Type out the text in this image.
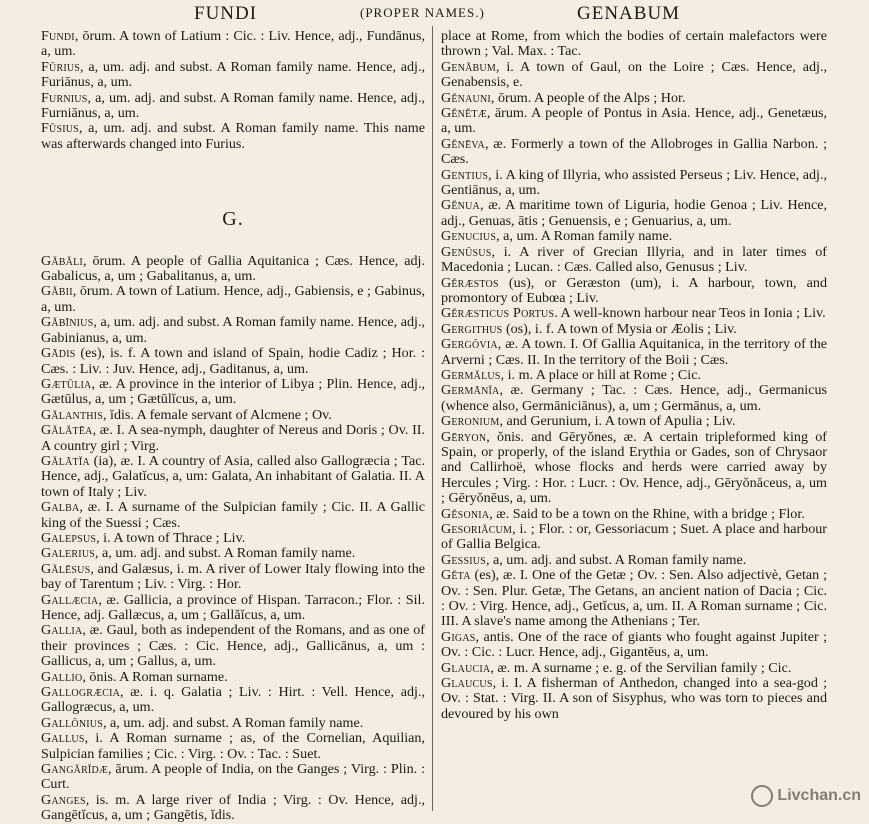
FUNDI	(PROPER NAMES.)	GENABUM

Fundi, ōrum. A town of Latium : Cic. : Liv. Hence, adj., Fundānus, a, um.

Fūrius, a, um. adj. and subst. A Roman family name. Hence, adj., Furiānus, a, um.

Furnius, a, um. adj. and subst. A Roman family name. Hence, adj., Furniānus, a, um.

Fūsius, a, um. adj. and subst. A Roman family name. This name was afterwards changed into Furius.

G.

Găbăli, ōrum. A people of Gallia Aquitanica ; Cæs. Hence, adj. Gabalicus, a, um ; Gabalitanus, a, um.

Găbii, ōrum. A town of Latium. Hence, adj., Gabiensis, e ; Gabinus, a, um.

Găbīnius, a, um. adj. and subst. A Roman family name. Hence, adj., Gabinianus, a, um.

Gādis (es), is. f. A town and island of Spain, hodie Cadiz ; Hor. : Cæs. : Liv. : Juv. Hence, adj., Gaditanus, a, um.

Gætūlia, æ. A province in the interior of Libya ; Plin. Hence, adj., Gætūlus, a, um ; Gætūlĭcus, a, um.

Gălanthis, ĭdis. A female servant of Alcmene ; Ov.

Gălătēa, æ. I. A sea-nymph, daughter of Nereus and Doris ; Ov. II. A country girl ; Virg.

Gălātĭa (ia), æ. I. A country of Asia, called also Gallogræcia ; Tac. Hence, adj., Galatĭcus, a, um: Galata, An inhabitant of Galatia. II. A town of Italy ; Liv.

Galba, æ. I. A surname of the Sulpician family ; Cic. II. A Gallic king of the Suessi ; Cæs.

Galepsus, i. A town of Thrace ; Liv.

Galerius, a, um. adj. and subst. A Roman family name.

Gălēsus, and Galæsus, i. m. A river of Lower Italy flowing into the bay of Tarentum ; Liv. : Virg. : Hor.

Gallæcia, æ. Gallicia, a province of Hispan. Tarracon.; Flor. : Sil. Hence, adj. Gallæcus, a, um ; Gallăĭcus, a, um.

Gallia, æ. Gaul, both as independent of the Romans, and as one of their provinces ; Cæs. : Cic. Hence, adj., Gallicānus, a, um : Gallicus, a, um ; Gallus, a, um.

Gallio, ōnis. A Roman surname.

Gallogræcia, æ. i. q. Galatia ; Liv. : Hirt. : Vell. Hence, adj., Gallogræcus, a, um.

Gallōnius, a, um. adj. and subst. A Roman family name.

Gallus, i. A Roman surname ; as, of the Cornelian, Aquilian, Sulpician families ; Cic. : Virg. : Ov. : Tac. : Suet.

Gangărĭdæ, ārum. A people of India, on the Ganges ; Virg. : Plin. : Curt.

Ganges, is. m. A large river of India ; Virg. : Ov. Hence, adj., Gangētĭcus, a, um ; Gangētis, ĭdis.

place at Rome, from which the bodies of certain malefactors were thrown ; Val. Max. : Tac.

Genăbum, i. A town of Gaul, on the Loire ; Cæs. Hence, adj., Genabensis, e.

Gĕnauni, ōrum. A people of the Alps ; Hor.

Gĕnĕtæ, ārum. A people of Pontus in Asia. Hence, adj., Genetæus, a, um.

Gĕnēva, æ. Formerly a town of the Allobroges in Gallia Narbon. ; Cæs.

Gentius, i. A king of Illyria, who assisted Perseus ; Liv. Hence, adj., Gentiānus, a, um.

Gĕnua, æ. A maritime town of Liguria, hodie Genoa ; Liv. Hence, adj., Genuas, ātis ; Genuensis, e ; Genuarius, a, um.

Genucius, a, um. A Roman family name.

Genūsus, i. A river of Grecian Illyria, and in later times of Macedonia ; Lucan. : Cæs. Called also, Genusus ; Liv.

Gĕræstos (us), or Geræston (um), i. A harbour, town, and promontory of Eubœa ; Liv.

Gĕræsticus Portus. A well-known harbour near Teos in Ionia ; Liv.

Gergithus (os), i. f. A town of Mysia or Æolis ; Liv.

Gergŏvia, æ. A town. I. Of Gallia Aquitanica, in the territory of the Arverni ; Cæs. II. In the territory of the Boii ; Cæs.

Germălus, i. m. A place or hill at Rome ; Cic.

Germānĭa, æ. Germany ; Tac. : Cæs. Hence, adj., Germanicus (whence also, Germāniciānus), a, um ; Germānus, a, um.

Geronium, and Gerunium, i. A town of Apulia ; Liv.

Gēryon, ŏnis. and Gēryŏnes, æ. A certain tripleformed king of Spain, or properly, of the island Erythia or Gades, son of Chrysaor and Callirhoë, whose flocks and herds were carried away by Hercules ; Virg. : Hor. : Lucr. : Ov. Hence, adj., Gēryŏnăceus, a, um ; Gēryŏnēus, a, um.

Gĕsonia, æ. Said to be a town on the Rhine, with a bridge ; Flor.

Gesoriăcum, i. ; Flor. : or, Gessoriacum ; Suet. A place and harbour of Gallia Belgica.

Gessius, a, um. adj. and subst. A Roman family name.

Gĕta (es), æ. I. One of the Getæ ; Ov. : Sen. Also adjectivè, Getan ; Ov. : Sen. Plur. Getæ, The Getans, an ancient nation of Dacia ; Cic. : Ov. : Virg. Hence, adj., Getĭcus, a, um. II. A Roman surname ; Cic. III. A slave's name among the Athenians ; Ter.

Gigas, antis. One of the race of giants who fought against Jupiter ; Ov. : Cic. : Lucr. Hence, adj., Gigantēus, a, um.

Glaucia, æ. m. A surname ; e. g. of the Servilian family ; Cic.

Glaucus, i. I. A fisherman of Anthedon, changed into a sea-god ; Ov. : Stat. : Virg. II. A son of Sisyphus, who was torn to pieces and devoured by his own

Livchan.cn
